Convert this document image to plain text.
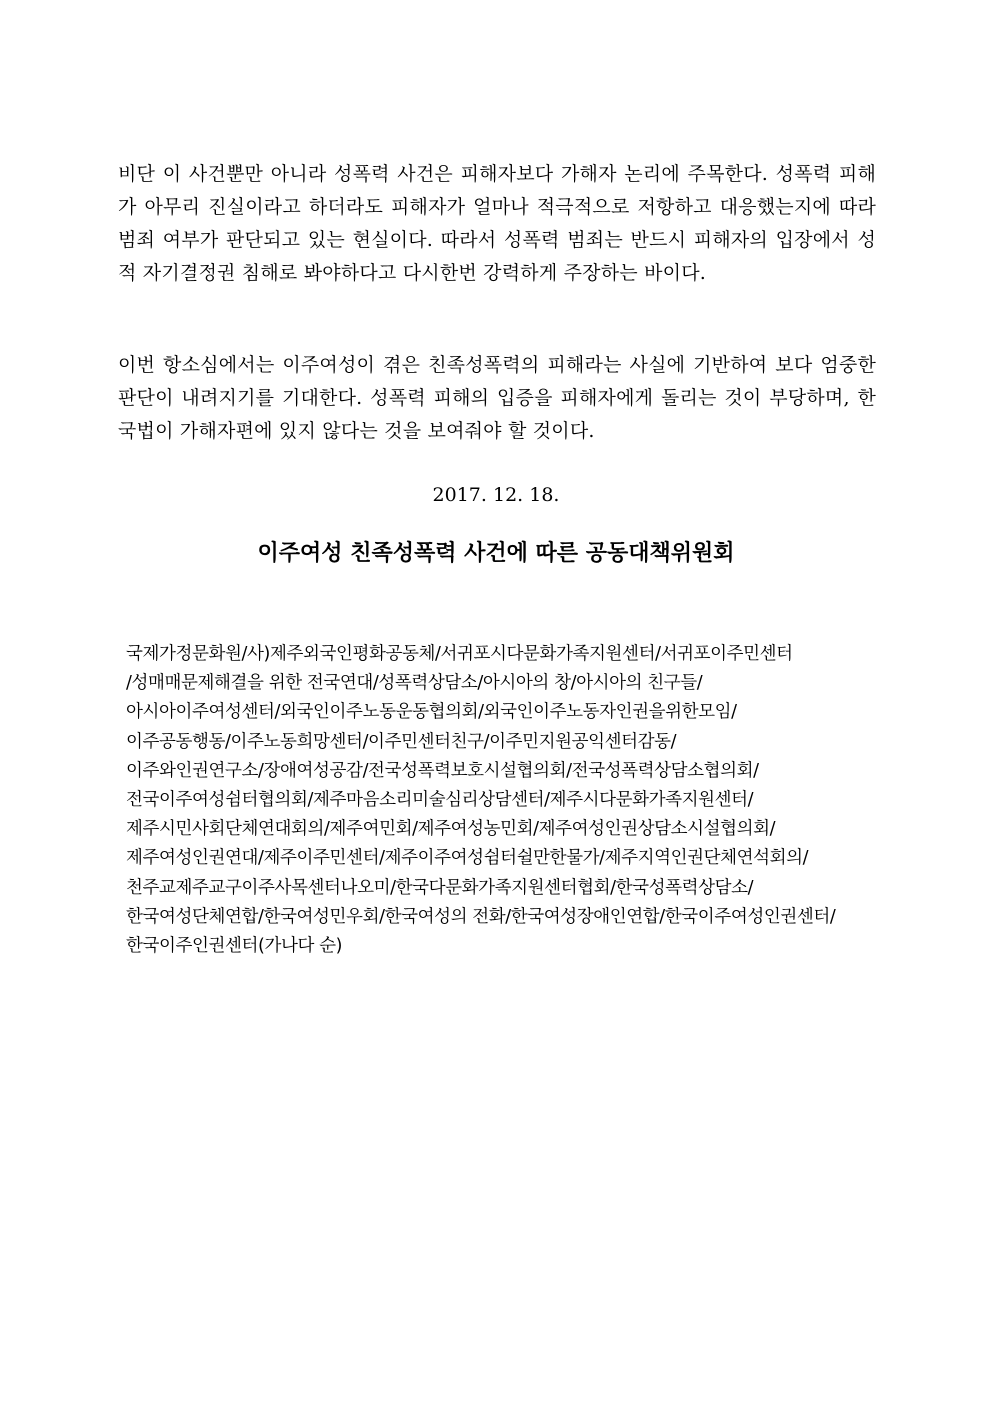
비단 이 사건뿐만 아니라 성폭력 사건은 피해자보다 가해자 논리에 주목한다. 성폭력 피해가 아무리 진실이라고 하더라도 피해자가 얼마나 적극적으로 저항하고 대응했는지에 따라 범죄 여부가 판단되고 있는 현실이다. 따라서 성폭력 범죄는 반드시 피해자의 입장에서 성적 자기결정권 침해로 봐야하다고 다시한번 강력하게 주장하는 바이다.

이번 항소심에서는 이주여성이 겪은 친족성폭력의 피해라는 사실에 기반하여 보다 엄중한 판단이 내려지기를 기대한다. 성폭력 피해의 입증을 피해자에게 돌리는 것이 부당하며, 한국법이 가해자편에 있지 않다는 것을 보여줘야 할 것이다.

2017. 12. 18.

이주여성 친족성폭력 사건에 따른 공동대책위원회

국제가정문화원/사)제주외국인평화공동체/서귀포시다문화가족지원센터/서귀포이주민센터
/성매매문제해결을 위한 전국연대/성폭력상담소/아시아의 창/아시아의 친구들/
아시아이주여성센터/외국인이주노동운동협의회/외국인이주노동자인권을위한모임/
이주공동행동/이주노동희망센터/이주민센터친구/이주민지원공익센터감동/
이주와인권연구소/장애여성공감/전국성폭력보호시설협의회/전국성폭력상담소협의회/
전국이주여성쉼터협의회/제주마음소리미술심리상담센터/제주시다문화가족지원센터/
제주시민사회단체연대회의/제주여민회/제주여성농민회/제주여성인권상담소시설협의회/
제주여성인권연대/제주이주민센터/제주이주여성쉼터쉴만한물가/제주지역인권단체연석회의/
천주교제주교구이주사목센터나오미/한국다문화가족지원센터협회/한국성폭력상담소/
한국여성단체연합/한국여성민우회/한국여성의 전화/한국여성장애인연합/한국이주여성인권센터/
한국이주인권센터(가나다 순)
